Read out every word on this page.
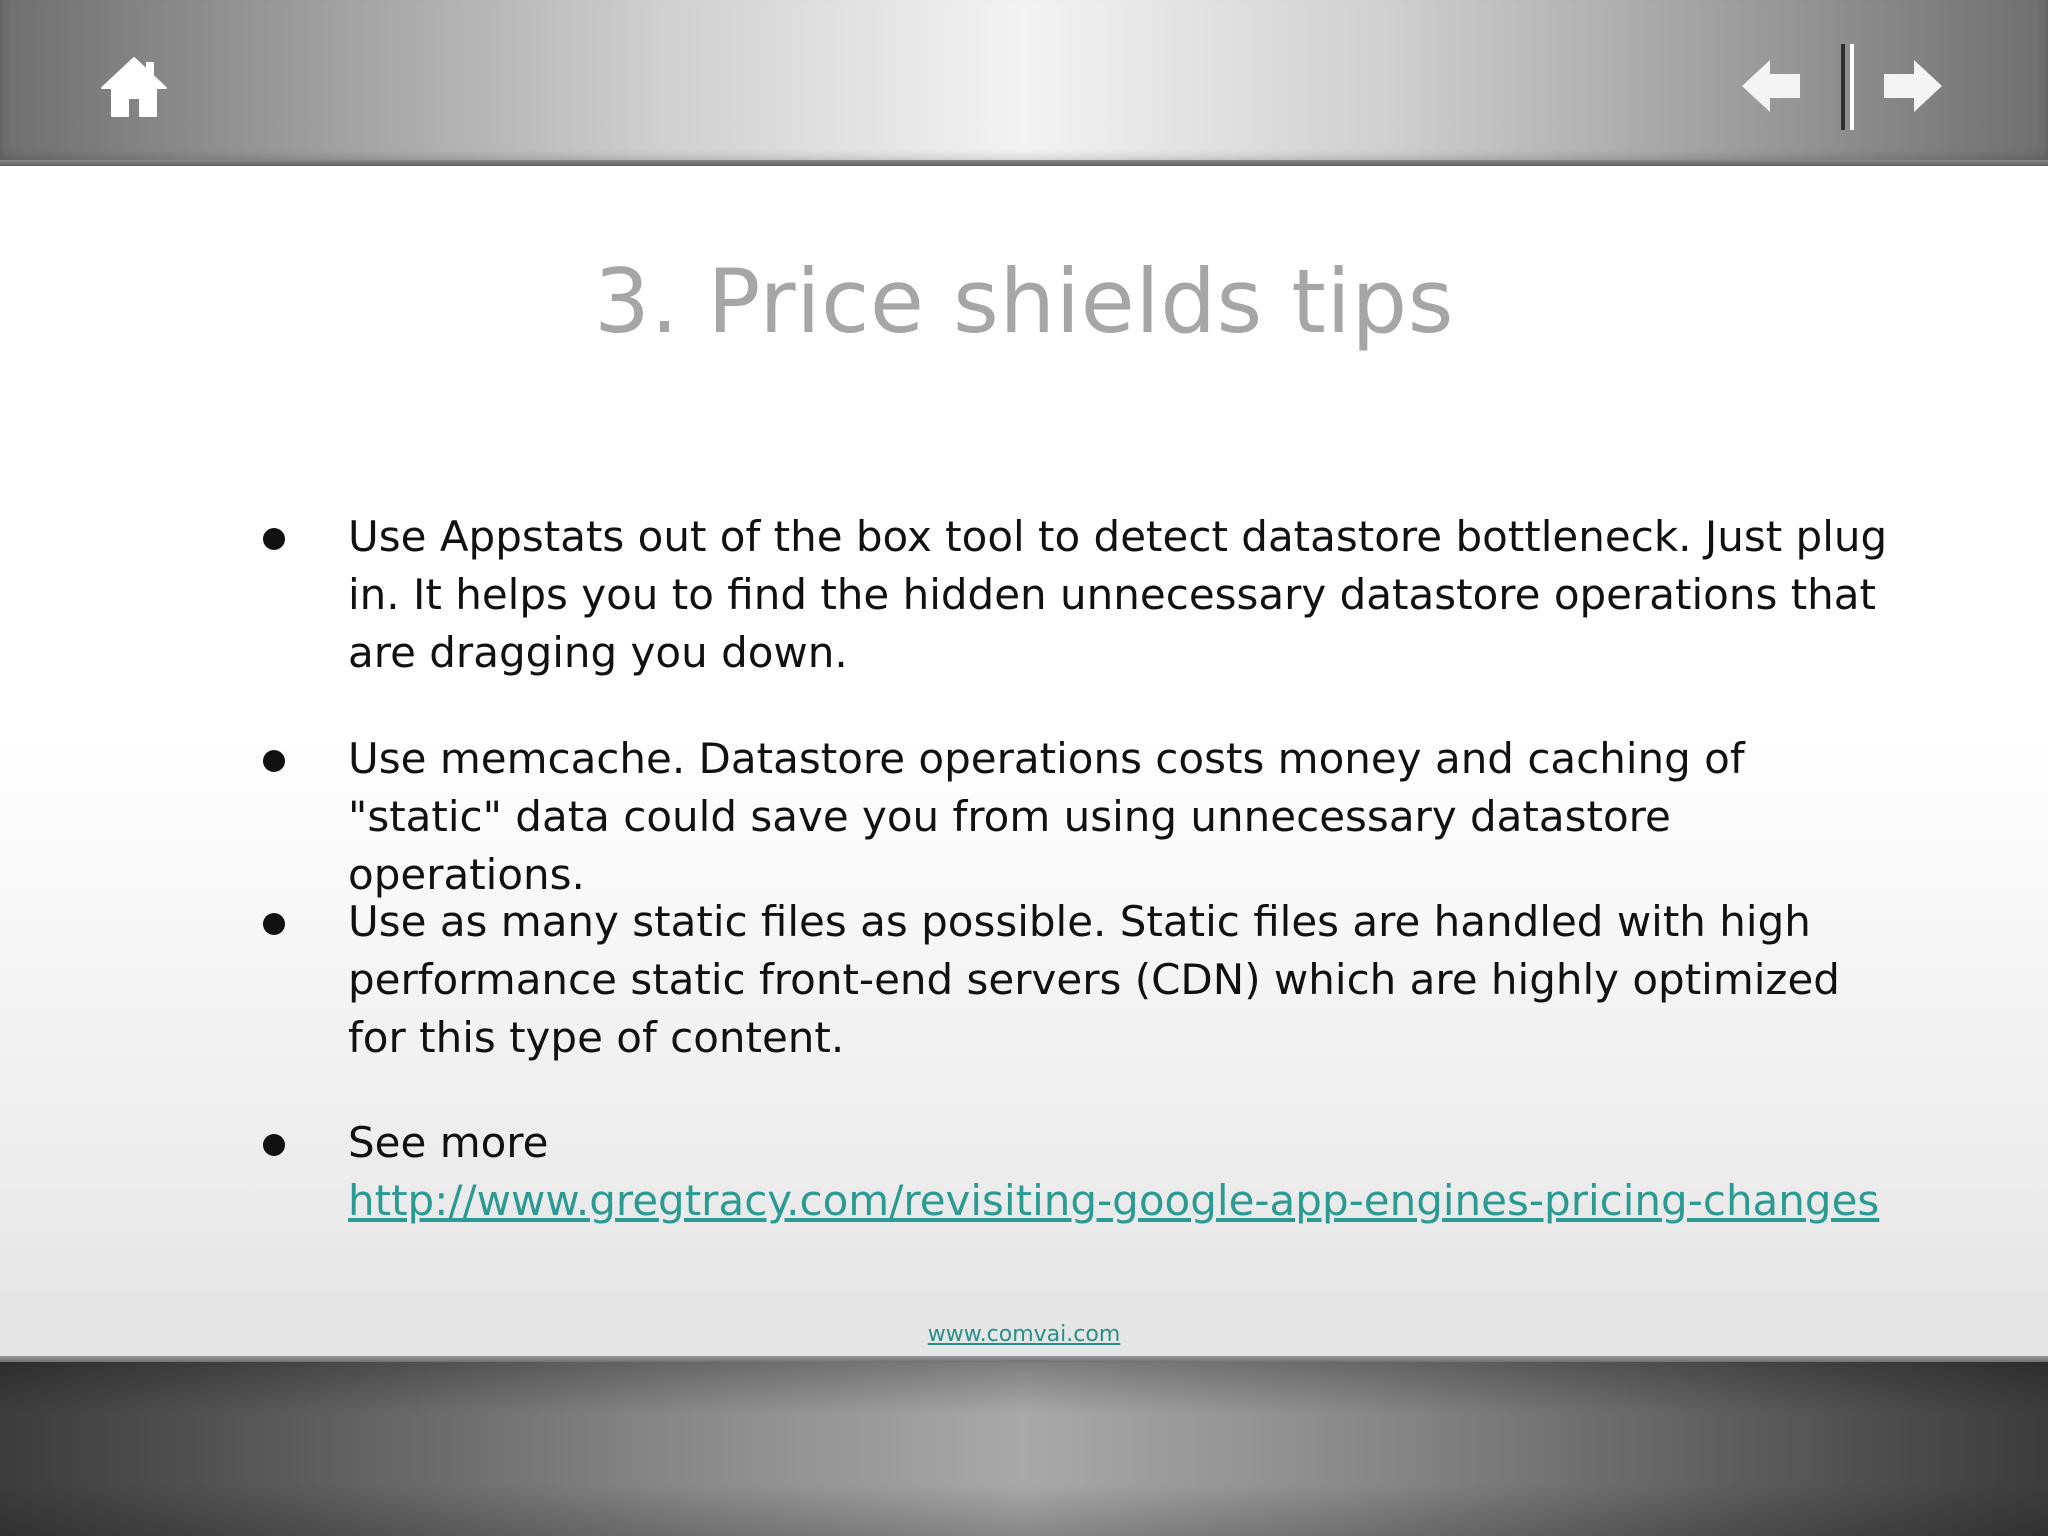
3. Price shields tips

Use Appstats out of the box tool to detect datastore bottleneck. Just plug in. It helps you to find the hidden unnecessary datastore operations that are dragging you down.

Use memcache. Datastore operations costs money and caching of "static" data could save you from using unnecessary datastore operations.

Use as many static files as possible. Static files are handled with high performance static front-end servers (CDN) which are highly optimized for this type of content.

See more
http://www.gregtracy.com/revisiting-google-app-engines-pricing-changes

www.comvai.com
